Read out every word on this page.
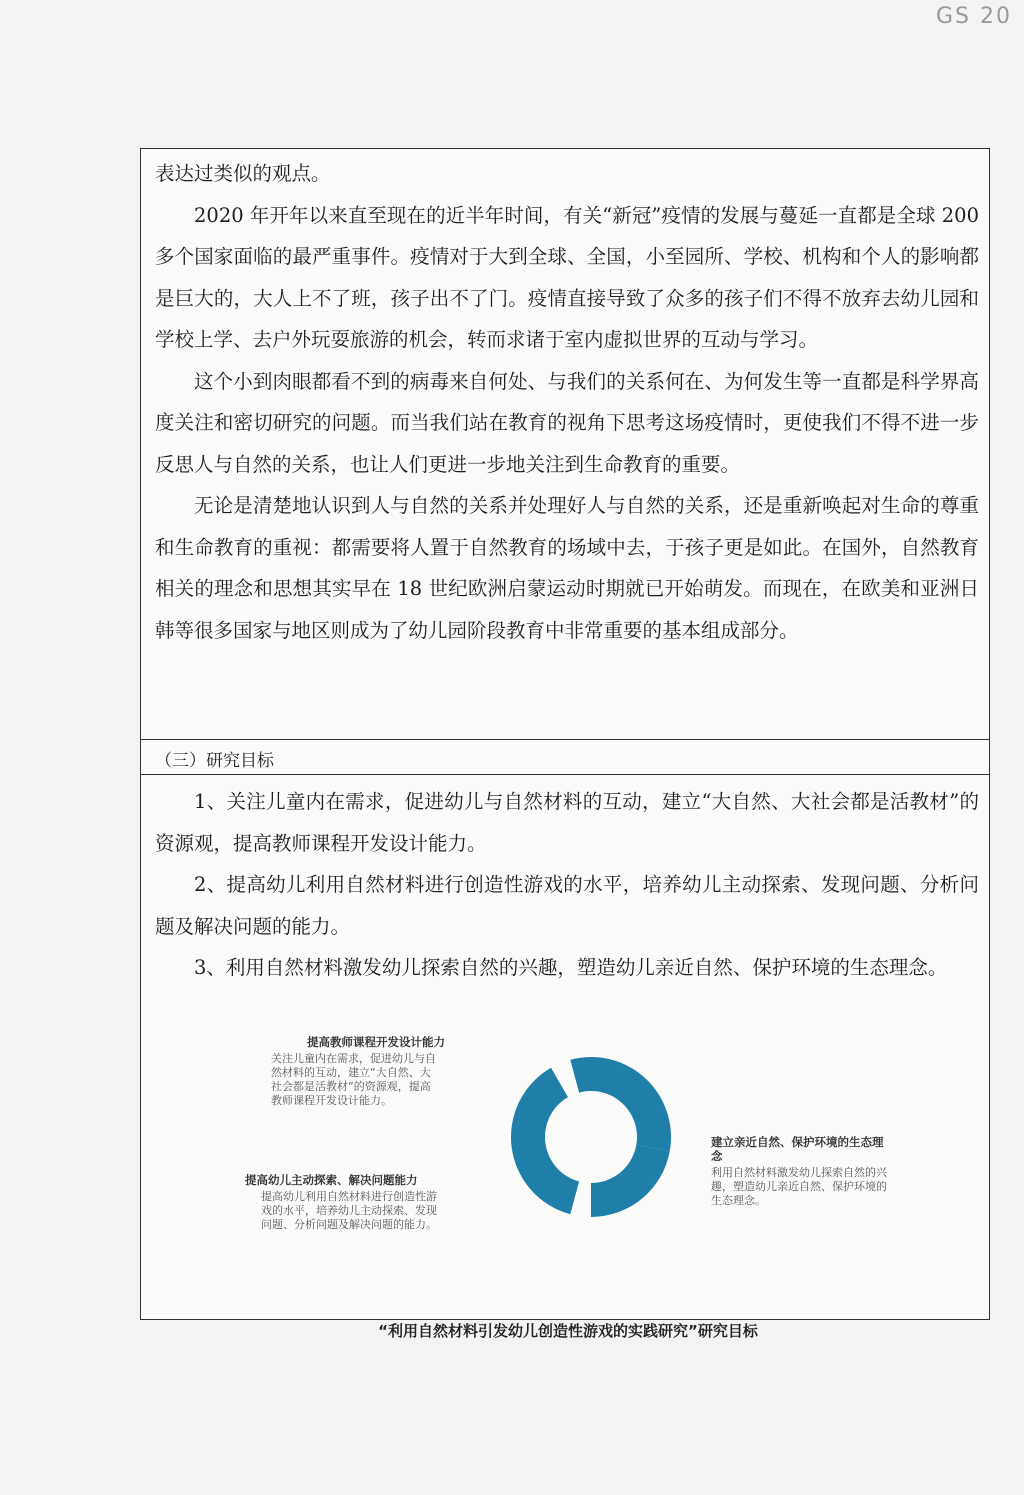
GS 20

表达过类似的观点。

2020 年开年以来直至现在的近半年时间，有关“新冠”疫情的发展与蔓延一直都是全球 200 多个国家面临的最严重事件。疫情对于大到全球、全国，小至园所、学校、机构和个人的影响都是巨大的，大人上不了班，孩子出不了门。疫情直接导致了众多的孩子们不得不放弃去幼儿园和学校上学、去户外玩耍旅游的机会，转而求诸于室内虚拟世界的互动与学习。

这个小到肉眼都看不到的病毒来自何处、与我们的关系何在、为何发生等一直都是科学界高度关注和密切研究的问题。而当我们站在教育的视角下思考这场疫情时，更使我们不得不进一步反思人与自然的关系，也让人们更进一步地关注到生命教育的重要。

无论是清楚地认识到人与自然的关系并处理好人与自然的关系，还是重新唤起对生命的尊重和生命教育的重视：都需要将人置于自然教育的场域中去，于孩子更是如此。在国外，自然教育相关的理念和思想其实早在 18 世纪欧洲启蒙运动时期就已开始萌发。而现在，在欧美和亚洲日韩等很多国家与地区则成为了幼儿园阶段教育中非常重要的基本组成部分。

（三）研究目标

1、关注儿童内在需求，促进幼儿与自然材料的互动，建立“大自然、大社会都是活教材”的资源观，提高教师课程开发设计能力。

2、提高幼儿利用自然材料进行创造性游戏的水平，培养幼儿主动探索、发现问题、分析问题及解决问题的能力。

3、利用自然材料激发幼儿探索自然的兴趣，塑造幼儿亲近自然、保护环境的生态理念。

提高教师课程开发设计能力
关注儿童内在需求，促进幼儿与自然材料的互动，建立“大自然、大社会都是活教材”的资源观，提高教师课程开发设计能力。
建立亲近自然、保护环境的生态理念
利用自然材料激发幼儿探索自然的兴趣，塑造幼儿亲近自然、保护环境的生态理念。
提高幼儿主动探索、解决问题能力
提高幼儿利用自然材料进行创造性游戏的水平，培养幼儿主动探索、发现问题、分析问题及解决问题的能力。
“利用自然材料引发幼儿创造性游戏的实践研究”研究目标
